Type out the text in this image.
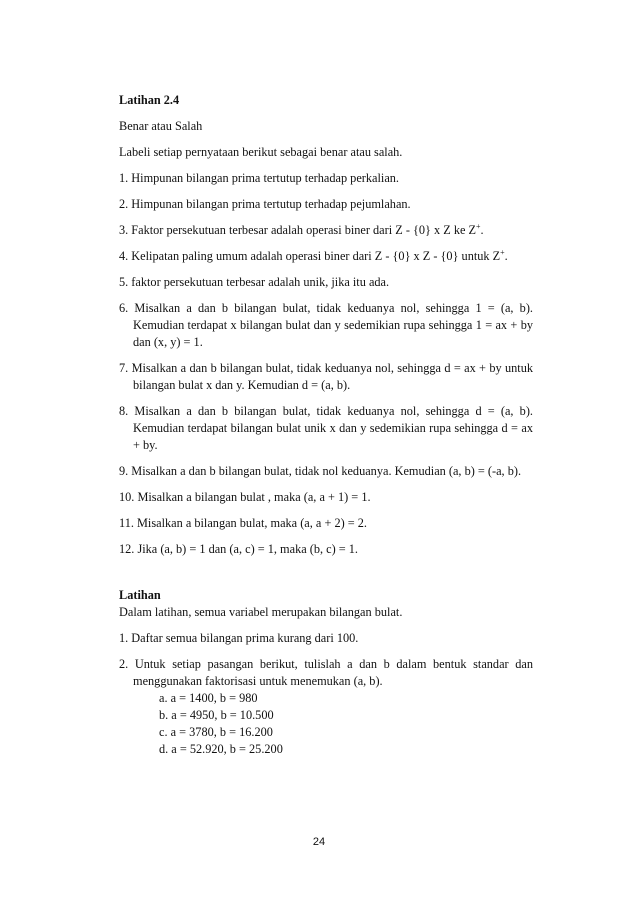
Latihan 2.4

Benar atau Salah

Labeli setiap pernyataan berikut sebagai benar atau salah.

1. Himpunan bilangan prima tertutup terhadap perkalian.

2. Himpunan bilangan prima tertutup terhadap pejumlahan.

3. Faktor persekutuan terbesar adalah operasi biner dari Z - {0} x Z ke Z+.

4. Kelipatan paling umum adalah operasi biner dari Z - {0} x Z - {0} untuk Z+.

5. faktor persekutuan terbesar adalah unik, jika itu ada.

6. Misalkan a dan b bilangan bulat, tidak keduanya nol, sehingga 1 = (a, b). Kemudian terdapat x bilangan bulat dan y sedemikian rupa sehingga 1 = ax + by dan (x, y) = 1.

7. Misalkan a dan b bilangan bulat, tidak keduanya nol, sehingga d = ax + by untuk bilangan bulat x dan y. Kemudian d = (a, b).

8. Misalkan a dan b bilangan bulat, tidak keduanya nol, sehingga d = (a, b). Kemudian terdapat bilangan bulat unik x dan y sedemikian rupa sehingga d = ax + by.

9. Misalkan a dan b bilangan bulat, tidak nol keduanya. Kemudian (a, b) = (-a, b).

10. Misalkan a bilangan bulat , maka (a, a + 1) = 1.

11. Misalkan a bilangan bulat, maka (a, a + 2) = 2.

12. Jika (a, b) = 1 dan (a, c) = 1, maka (b, c) = 1.

Latihan

Dalam latihan, semua variabel merupakan bilangan bulat.

1. Daftar semua bilangan prima kurang dari 100.

2. Untuk setiap pasangan berikut, tulislah a dan b dalam bentuk standar dan menggunakan faktorisasi untuk menemukan (a, b).

a. a = 1400, b = 980

b. a = 4950, b = 10.500

c. a = 3780, b = 16.200

d. a = 52.920, b = 25.200

24
